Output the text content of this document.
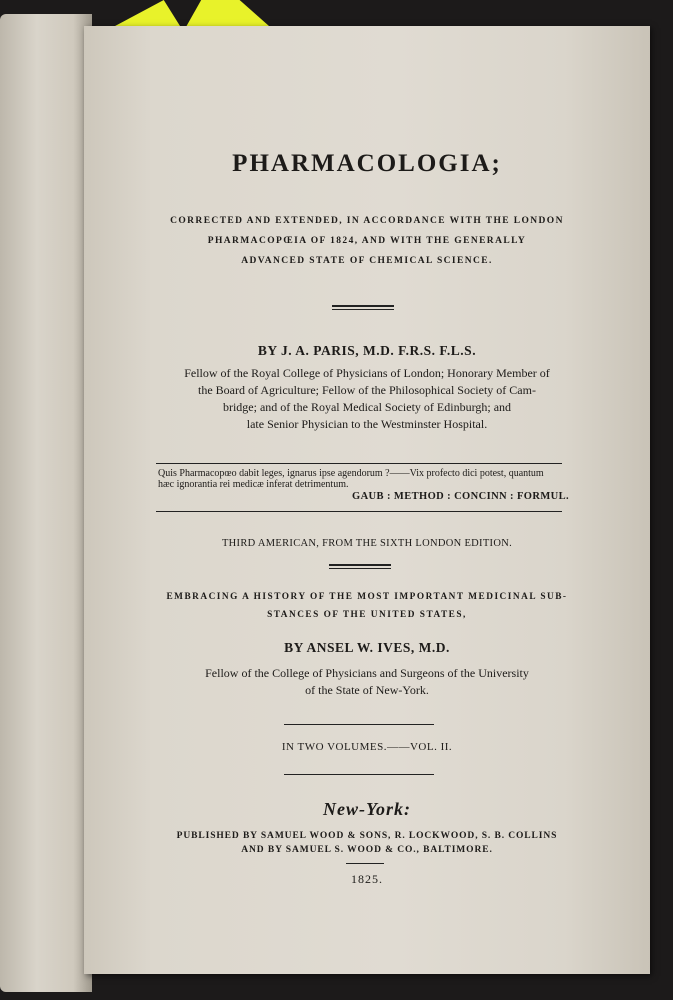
PHARMACOLOGIA;
CORRECTED AND EXTENDED, IN ACCORDANCE WITH THE LONDON
PHARMACOPŒIA OF 1824, AND WITH THE GENERALLY
ADVANCED STATE OF CHEMICAL SCIENCE.
BY J. A. PARIS, M.D. F.R.S. F.L.S.
Fellow of the Royal College of Physicians of London; Honorary Member of
the Board of Agriculture; Fellow of the Philosophical Society of Cam-
bridge; and of the Royal Medical Society of Edinburgh; and
late Senior Physician to the Westminster Hospital.
Quis Pharmacopœo dabit leges, ignarus ipse agendorum ?——Vix profecto dici potest, quantum
hæc ignorantia rei medicæ inferat detrimentum.
GAUB : METHOD : CONCINN : FORMUL.
THIRD AMERICAN, FROM THE SIXTH LONDON EDITION.
EMBRACING A HISTORY OF THE MOST IMPORTANT MEDICINAL SUB-
STANCES OF THE UNITED STATES,
BY ANSEL W. IVES, M.D.
Fellow of the College of Physicians and Surgeons of the University
of the State of New-York.
IN TWO VOLUMES.——VOL. II.
New-York:
PUBLISHED BY SAMUEL WOOD & SONS, R. LOCKWOOD, S. B. COLLINS
AND BY SAMUEL S. WOOD & CO., BALTIMORE.
1825.
